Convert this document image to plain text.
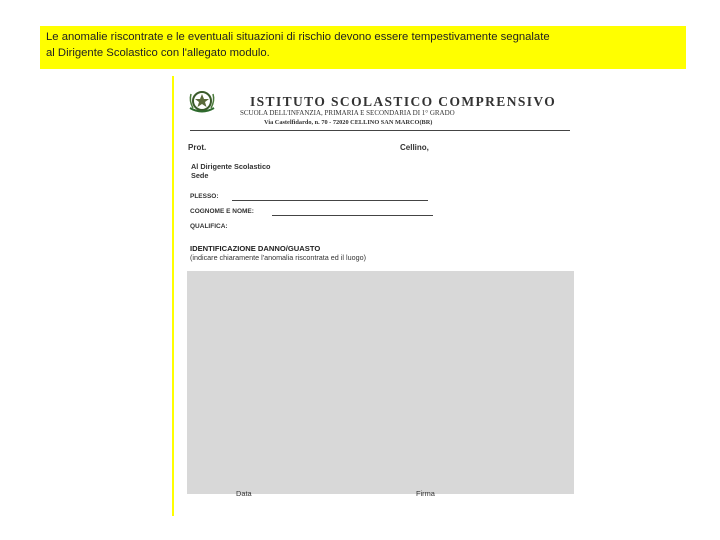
Le anomalie riscontrate e le eventuali situazioni di rischio devono essere tempestivamente segnalate
al Dirigente Scolastico con l'allegato modulo.
ISTITUTO SCOLASTICO COMPRENSIVO
SCUOLA DELL'INFANZIA, PRIMARIA E SECONDARIA DI 1° GRADO
Via Castelfidardo, n. 70 - 72020 CELLINO SAN MARCO(BR)
Prot.	Cellino,
Al Dirigente Scolastico
Sede
PLESSO:
COGNOME E NOME:
QUALIFICA:
IDENTIFICAZIONE DANNO/GUASTO
(indicare chiaramente l'anomalia riscontrata ed il luogo)
Data	Firma
